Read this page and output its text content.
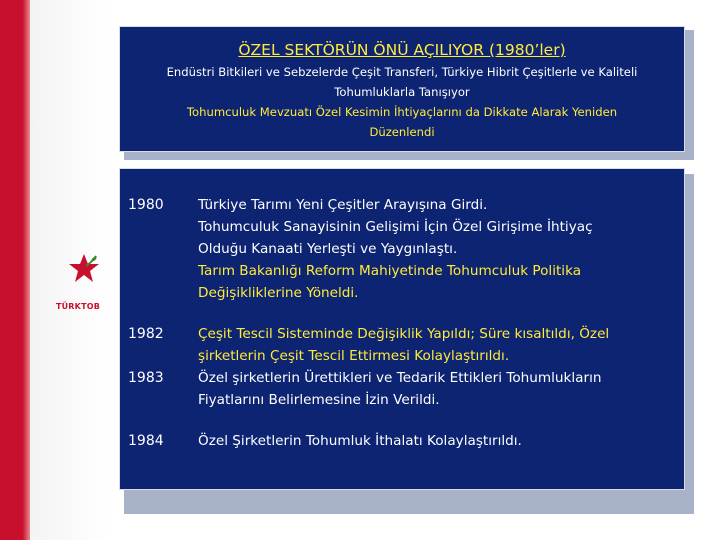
TÜRKTOB
ÖZEL SEKTÖRÜN ÖNÜ AÇILIYOR (1980’ler)
Endüstri Bitkileri ve Sebzelerde Çeşit Transferi, Türkiye Hibrit Çeşitlerle ve Kaliteli
Tohumluklarla Tanışıyor
Tohumculuk Mevzuatı Özel Kesimin İhtiyaçlarını da Dikkate Alarak Yeniden
Düzenlendi
1980	Türkiye Tarımı Yeni Çeşitler Arayışına Girdi.
Tohumculuk Sanayisinin Gelişimi İçin Özel Girişime İhtiyaç
Olduğu Kanaati Yerleşti ve Yaygınlaştı.
Tarım Bakanlığı Reform Mahiyetinde Tohumculuk Politika
Değişikliklerine Yöneldi.
1982	Çeşit Tescil Sisteminde Değişiklik Yapıldı; Süre kısaltıldı, Özel
şirketlerin Çeşit Tescil Ettirmesi Kolaylaştırıldı.
1983	Özel şirketlerin Ürettikleri ve Tedarik Ettikleri Tohumlukların
Fiyatlarını Belirlemesine İzin Verildi.
1984	Özel Şirketlerin Tohumluk İthalatı Kolaylaştırıldı.
